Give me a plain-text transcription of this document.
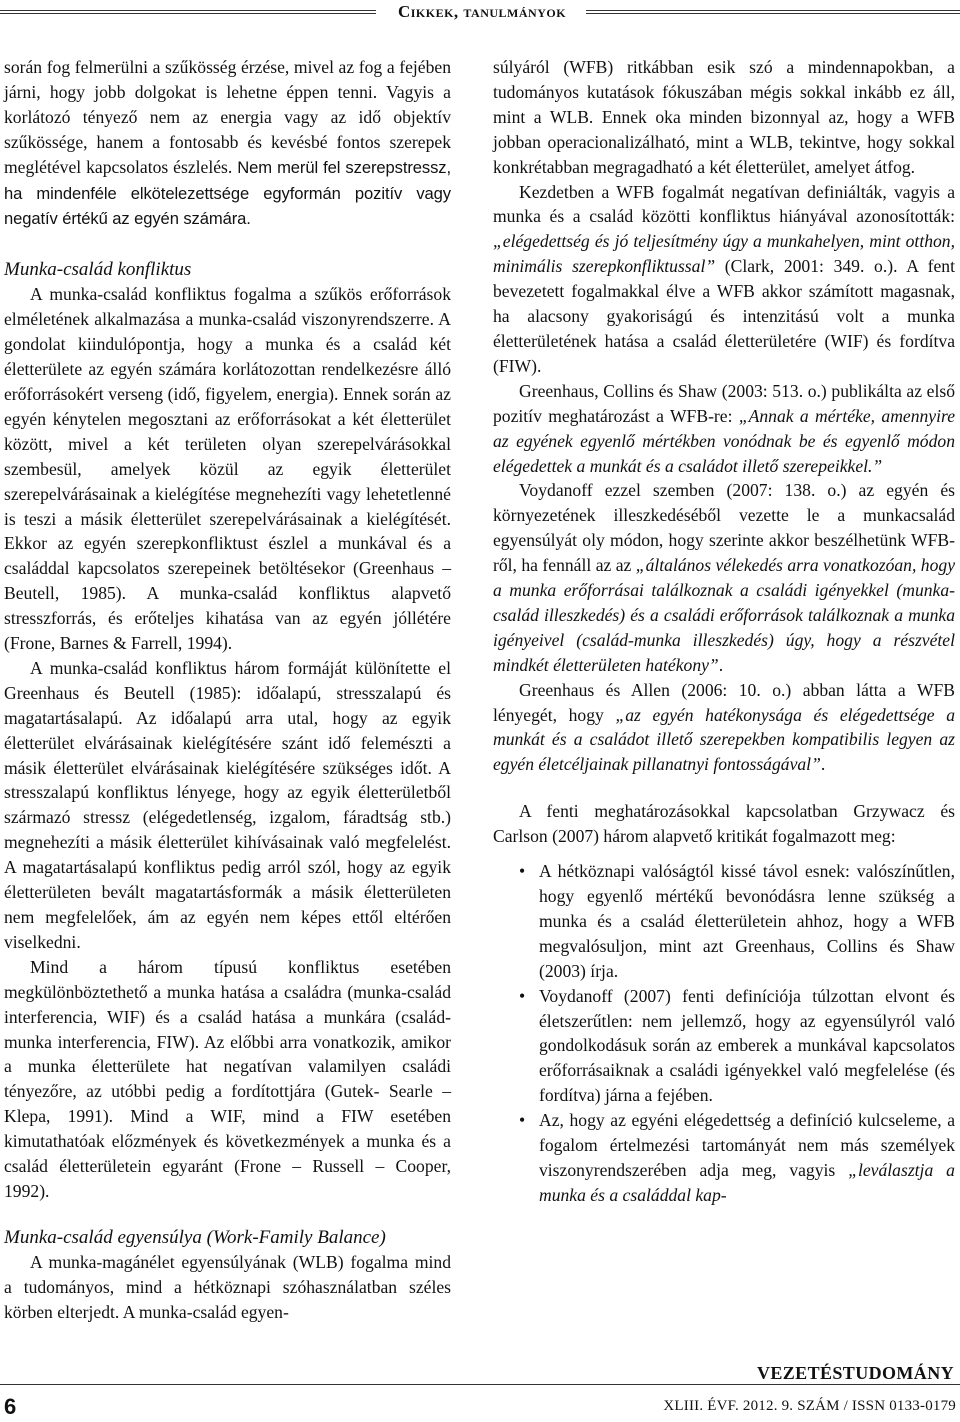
Cikkek, tanulmányok

során fog felmerülni a szűkösség érzése, mivel az fog a fejében járni, hogy jobb dolgokat is lehetne éppen tenni. Vagyis a korlátozó tényező nem az energia vagy az idő objektív szűkössége, hanem a fontosabb és kevésbé fontos szerepek meglétével kapcsolatos észlelés. Nem merül fel szerepstressz, ha mindenféle elkötelezettsége egyformán pozitív vagy negatív értékű az egyén számára.

Munka-család konfliktus

A munka-család konfliktus fogalma a szűkös erőforrások elméletének alkalmazása a munka-család viszonyrendszerre. A gondolat kiindulópontja, hogy a munka és a család két életterülete az egyén számára korlátozottan rendelkezésre álló erőforrásokért verseng (idő, figyelem, energia). Ennek során az egyén kénytelen megosztani az erőforrásokat a két életterület között, mivel a két területen olyan szerepelvárásokkal szembesül, amelyek közül az egyik életterület szerepelvárásainak a kielégítése megnehezíti vagy lehetetlenné is teszi a másik életterület szerepelvárásainak a kielégítését. Ekkor az egyén szerepkonfliktust észlel a munkával és a családdal kapcsolatos szerepeinek betöltésekor (Greenhaus – Beutell, 1985). A munka-család konfliktus alapvető stresszforrás, és erőteljes kihatása van az egyén jóllétére (Frone, Barnes & Farrell, 1994).

A munka-család konfliktus három formáját különítette el Greenhaus és Beutell (1985): időalapú, stresszalapú és magatartásalapú. Az időalapú arra utal, hogy az egyik életterület elvárásainak kielégítésére szánt idő felemészti a másik életterület elvárásainak kielégítésére szükséges időt. A stresszalapú konfliktus lényege, hogy az egyik életterületből származó stressz (elégedetlenség, izgalom, fáradtság stb.) megnehezíti a másik életterület kihívásainak való megfelelést. A magatartásalapú konfliktus pedig arról szól, hogy az egyik életterületen bevált magatartásformák a másik életterületen nem megfelelőek, ám az egyén nem képes ettől eltérően viselkedni.

Mind a három típusú konfliktus esetében megkülönböztethető a munka hatása a családra (munka-család interferencia, WIF) és a család hatása a munkára (család-munka interferencia, FIW). Az előbbi arra vonatkozik, amikor a munka életterülete hat negatívan valamilyen családi tényezőre, az utóbbi pedig a fordítottjára (Gutek- Searle – Klepa, 1991). Mind a WIF, mind a FIW esetében kimutathatóak előzmények és következmények a munka és a család életterületein egyaránt (Frone – Russell – Cooper, 1992).

Munka-család egyensúlya (Work-Family Balance)

A munka-magánélet egyensúlyának (WLB) fogalma mind a tudományos, mind a hétköznapi szóhasználatban széles körben elterjedt. A munka-család egyen-

súlyáról (WFB) ritkábban esik szó a mindennapokban, a tudományos kutatások fókuszában mégis sokkal inkább ez áll, mint a WLB. Ennek oka minden bizonnyal az, hogy a WFB jobban operacionalizálható, mint a WLB, tekintve, hogy sokkal konkrétabban megragadható a két életterület, amelyet átfog.

Kezdetben a WFB fogalmát negatívan definiálták, vagyis a munka és a család közötti konfliktus hiányával azonosították: „elégedettség és jó teljesítmény úgy a munkahelyen, mint otthon, minimális szerepkonfliktussal” (Clark, 2001: 349. o.). A fent bevezetett fogalmakkal élve a WFB akkor számított magasnak, ha alacsony gyakoriságú és intenzitású volt a munka életterületének hatása a család életterületére (WIF) és fordítva (FIW).

Greenhaus, Collins és Shaw (2003: 513. o.) publikálta az első pozitív meghatározást a WFB-re: „Annak a mértéke, amennyire az egyének egyenlő mértékben vonódnak be és egyenlő módon elégedettek a munkát és a családot illető szerepeikkel.”

Voydanoff ezzel szemben (2007: 138. o.) az egyén és környezetének illeszkedéséből vezette le a munkacsalád egyensúlyát oly módon, hogy szerinte akkor beszélhetünk WFB-ről, ha fennáll az az „általános vélekedés arra vonatkozóan, hogy a munka erőforrásai találkoznak a családi igényekkel (munka-család illeszkedés) és a családi erőforrások találkoznak a munka igényeivel (család-munka illeszkedés) úgy, hogy a részvétel mindkét életterületen hatékony”.

Greenhaus és Allen (2006: 10. o.) abban látta a WFB lényegét, hogy „az egyén hatékonysága és elégedettsége a munkát és a családot illető szerepekben kompatibilis legyen az egyén életcéljainak pillanatnyi fontosságával”.

A fenti meghatározásokkal kapcsolatban Grzywacz és Carlson (2007) három alapvető kritikát fogalmazott meg:

• A hétköznapi valóságtól kissé távol esnek: valószínűtlen, hogy egyenlő mértékű bevonódásra lenne szükség a munka és a család életterületein ahhoz, hogy a WFB megvalósuljon, mint azt Greenhaus, Collins és Shaw (2003) írja.
• Voydanoff (2007) fenti definíciója túlzottan elvont és életszerűtlen: nem jellemző, hogy az egyensúlyról való gondolkodásuk során az emberek a munkával kapcsolatos erőforrásaiknak a családi igényekkel való megfelelése (és fordítva) járna a fejében.
• Az, hogy az egyéni elégedettség a definíció kulcseleme, a fogalom értelmezési tartományát nem más személyek viszonyrendszerében adja meg, vagyis „leválasztja a munka és a családdal kap-
VEZETÉSTUDOMÁNY
6	XLIII. ÉVF. 2012. 9. SZÁM / ISSN 0133-0179
